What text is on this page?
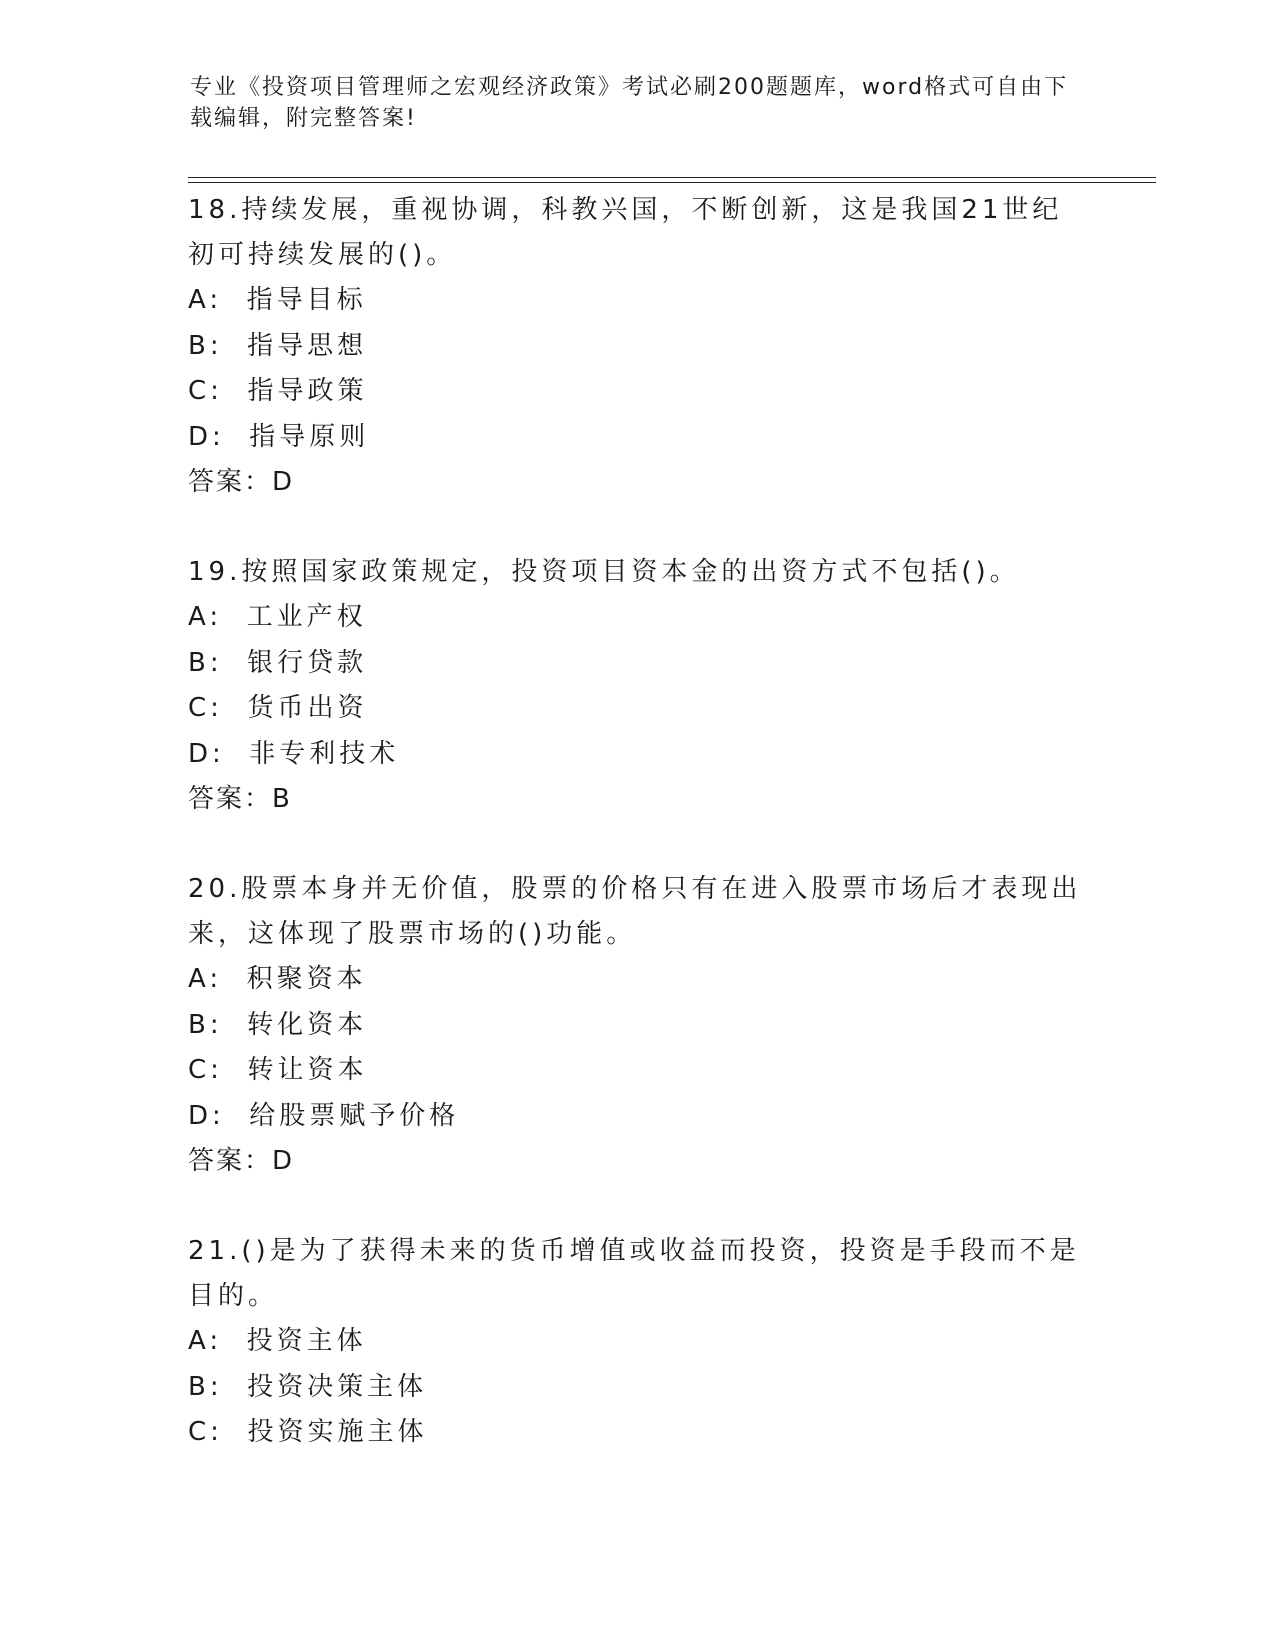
专业《投资项目管理师之宏观经济政策》考试必刷200题题库，word格式可自由下载编辑，附完整答案!

18.持续发展，重视协调，科教兴国，不断创新，这是我国21世纪初可持续发展的()。

A:  指导目标

B:  指导思想

C:  指导政策

D:  指导原则

答案：D

19.按照国家政策规定，投资项目资本金的出资方式不包括()。

A:  工业产权

B:  银行贷款

C:  货币出资

D:  非专利技术

答案：B

20.股票本身并无价值，股票的价格只有在进入股票市场后才表现出来，这体现了股票市场的()功能。

A:  积聚资本

B:  转化资本

C:  转让资本

D:  给股票赋予价格

答案：D

21.()是为了获得未来的货币增值或收益而投资，投资是手段而不是目的。

A:  投资主体

B:  投资决策主体

C:  投资实施主体
